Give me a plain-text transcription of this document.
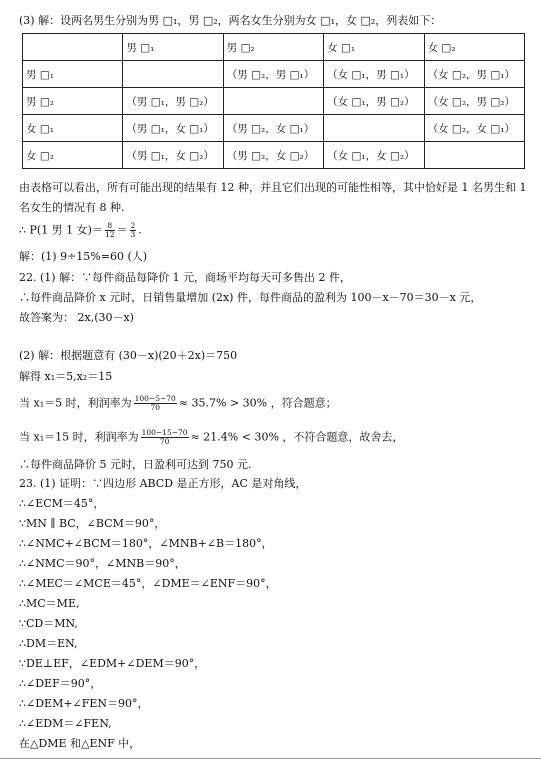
(3) 解：设两名男生分别为男 □₁，男 □₂，两名女生分别为女 □₁，女 □₂，列表如下：
	男 □₁	男 □₂	女 □₁	女 □₂
男 □₁		（男 □₂，男 □₁）	（女 □₁，男 □₁）	（女 □₂，男 □₁）
男 □₂	（男 □₁，男 □₂）		（女 □₁，男 □₂）	（女 □₂，男 □₂）
女 □₁	（男 □₁，女 □₁）	（男 □₂，女 □₁）		（女 □₂，女 □₁）
女 □₂	（男 □₁，女 □₂）	（男 □₂，女 □₂）	（女 □₁，女 □₂）	
由表格可以看出，所有可能出现的结果有 12 种，并且它们出现的可能性相等，其中恰好是 1 名男生和 1
名女生的情况有 8 种.
∴ P(1 男 1 女)＝ $\frac{8}{12} = \frac{2}{3}$ .
解：(1) 9÷15%=60 (人)
22. (1) 解：∵每件商品每降价 1 元，商场平均每天可多售出 2 件，
∴每件商品降价 x 元时，日销售量增加 (2x) 件，每件商品的盈利为 100－x－70＝30－x 元，
故答案为： 2x,(30－x)
(2) 解：根据题意有 (30－x)(20＋2x)＝750
解得 x₁＝5,x₂＝15
当 x₁＝5 时，利润率为 $\frac{100-5-70}{70} \approx 35.7\% > 30\%$ ，符合题意；
当 x₁＝15 时，利润率为 $\frac{100-15-70}{70} \approx 21.4\% < 30\%$ ，不符合题意，故舍去，
∴每件商品降价 5 元时，日盈利可达到 750 元.
23. (1) 证明：∵四边形 ABCD 是正方形，AC 是对角线，
∴∠ECM＝45°，
∵MN ∥ BC，∠BCM＝90°，
∴∠NMC+∠BCM＝180°，∠MNB+∠B＝180°，
∴∠NMC＝90°，∠MNB＝90°，
∴∠MEC＝∠MCE＝45°，∠DME＝∠ENF＝90°，
∴MC＝ME,
∵CD＝MN,
∴DM＝EN,
∵DE⊥EF，∠EDM+∠DEM＝90°，
∴∠DEF＝90°，
∴∠DEM+∠FEN＝90°，
∴∠EDM＝∠FEN,
在△DME 和△ENF 中，
